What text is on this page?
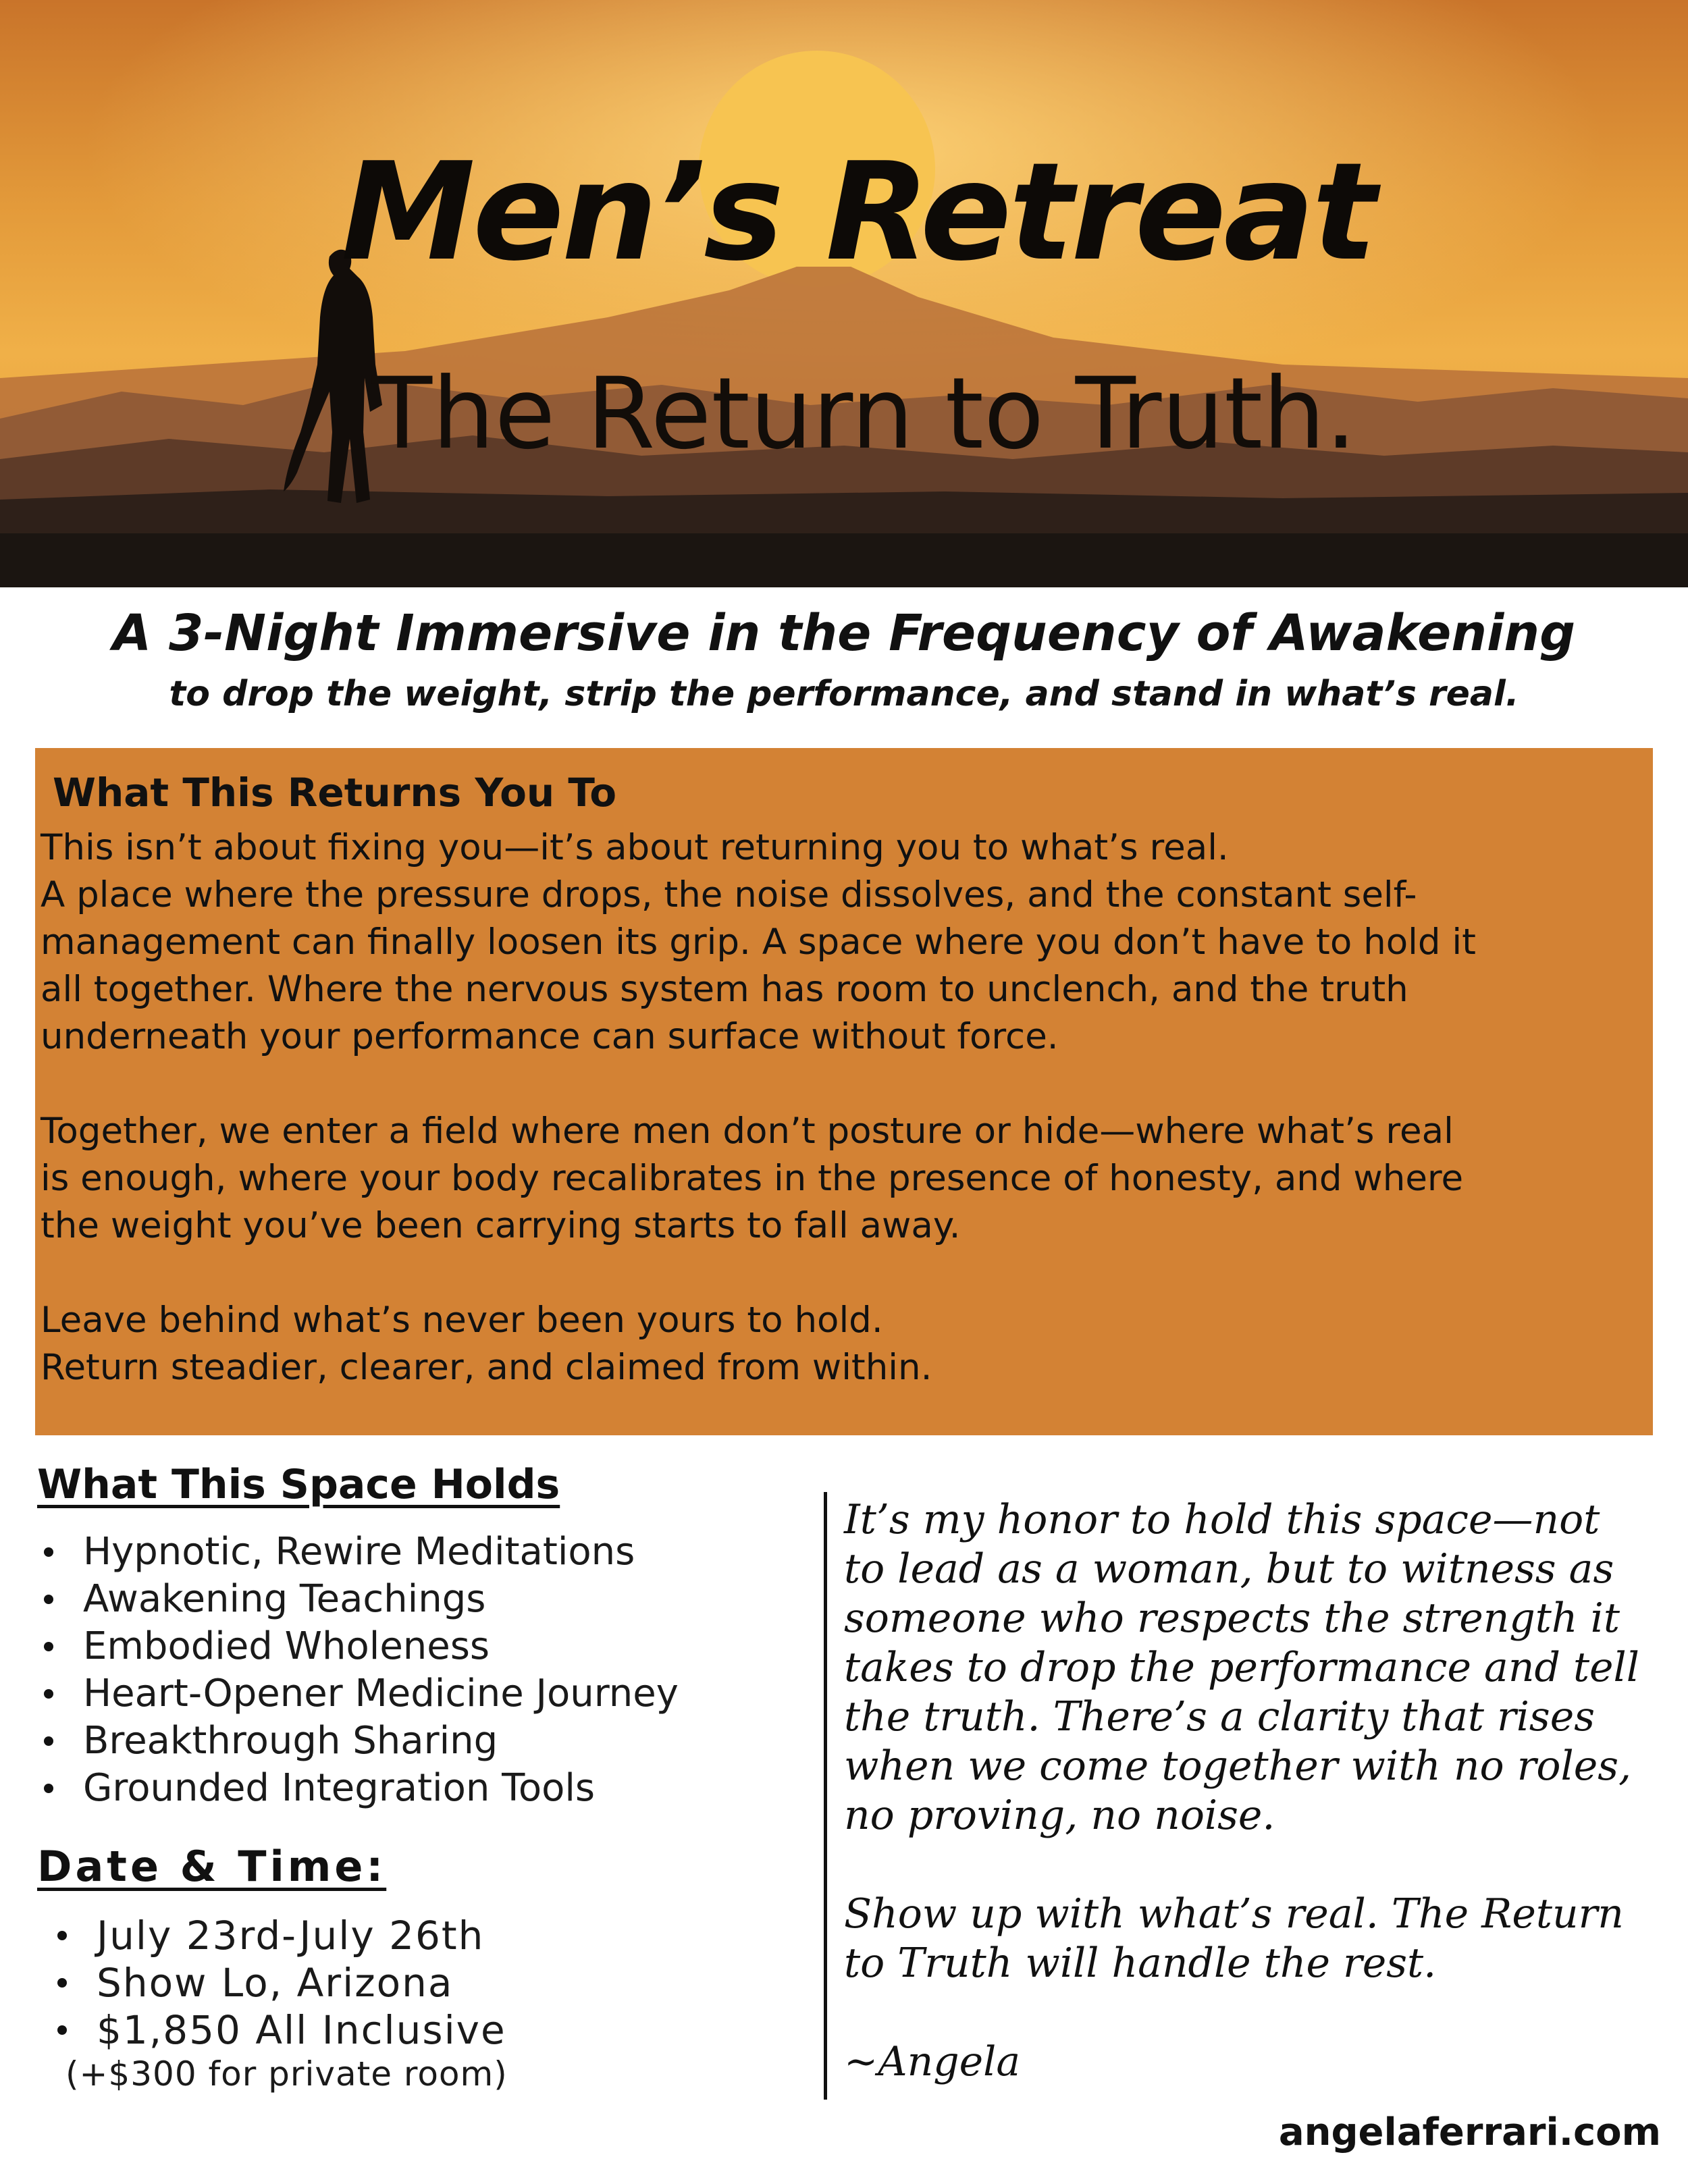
Men’s Retreat
The Return to Truth.
A 3-Night Immersive in the Frequency of Awakening
to drop the weight, strip the performance, and stand in what’s real.
What This Returns You To

This isn’t about fixing you—it’s about returning you to what’s real.
A place where the pressure drops, the noise dissolves, and the constant self-
management can finally loosen its grip. A space where you don’t have to hold it
all together. Where the nervous system has room to unclench, and the truth
underneath your performance can surface without force.

Together, we enter a field where men don’t posture or hide—where what’s real
is enough, where your body recalibrates in the presence of honesty, and where
the weight you’ve been carrying starts to fall away.

Leave behind what’s never been yours to hold.
Return steadier, clearer, and claimed from within.

What This Space Holds
Hypnotic, Rewire Meditations
Awakening Teachings
Embodied Wholeness
Heart-Opener Medicine Journey
Breakthrough Sharing
Grounded Integration Tools
Date & Time:
July 23rd-July 26th
Show Lo, Arizona
$1,850 All Inclusive
(+$300 for private room)

It’s my honor to hold this space—not
to lead as a woman, but to witness as
someone who respects the strength it
takes to drop the performance and tell
the truth. There’s a clarity that rises
when we come together with no roles,
no proving, no noise.

Show up with what’s real. The Return
to Truth will handle the rest.

~Angela

angelaferrari.com
